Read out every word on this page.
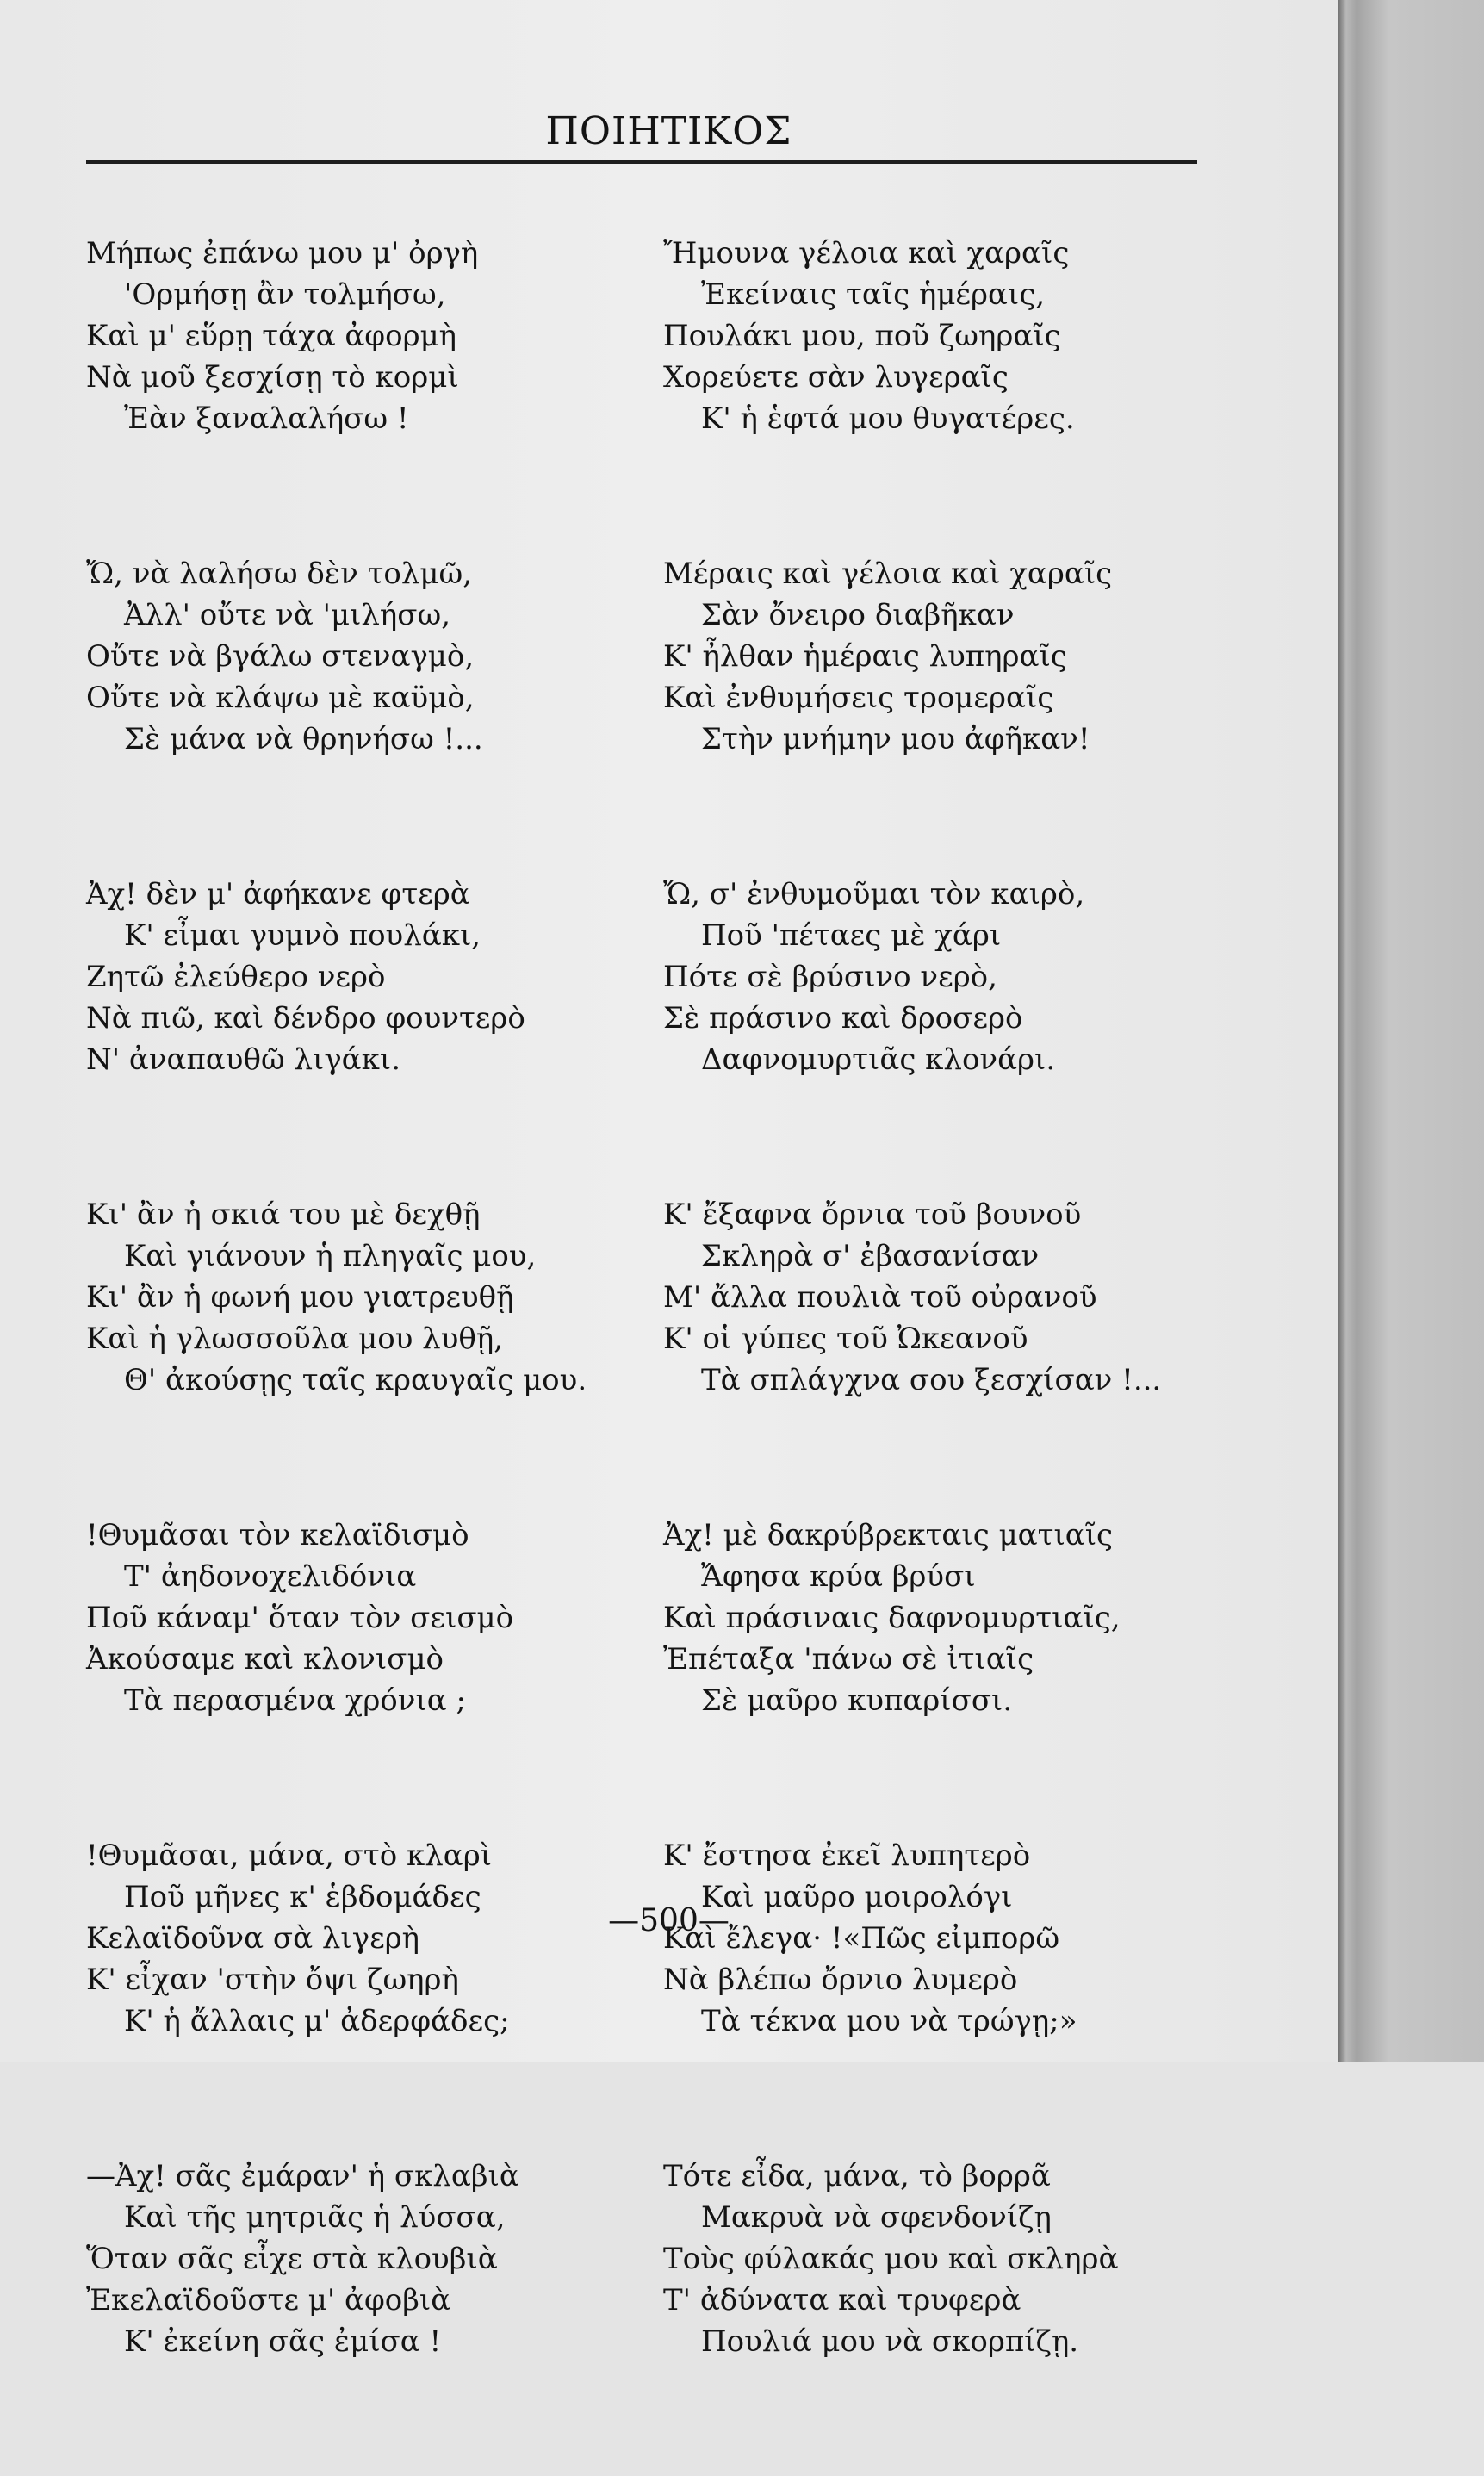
ΠΟΙΗΤΙΚΟΣ
Μήπως ἐπάνω μου μ' ὀργὴ
'Ορμήσῃ ἂν τολμήσω,
Καὶ μ' εὕρῃ τάχα ἀφορμὴ
Νὰ μοῦ ξεσχίσῃ τὸ κορμὶ
Ἐὰν ξαναλαλήσω !
Ὤ, νὰ λαλήσω δὲν τολμῶ,
Ἀλλ' οὔτε νὰ 'μιλήσω,
Οὔτε νὰ βγάλω στεναγμὸ,
Οὔτε νὰ κλάψω μὲ καϋμὸ,
Σὲ μάνα νὰ θρηνήσω !...
Ἀχ! δὲν μ' ἀφήκανε φτερὰ
Κ' εἶμαι γυμνὸ πουλάκι,
Ζητῶ ἐλεύθερο νερὸ
Νὰ πιῶ, καὶ δένδρο φουντερὸ
Ν' ἀναπαυθῶ λιγάκι.
Κι' ἂν ἡ σκιά του μὲ δεχθῇ
Καὶ γιάνουν ἡ πληγαῖς μου,
Κι' ἂν ἡ φωνή μου γιατρευθῇ
Καὶ ἡ γλωσσοῦλα μου λυθῇ,
Θ' ἀκούσῃς ταῖς κραυγαῖς μου.
!Θυμᾶσαι τὸν κελαϊδισμὸ
Τ' ἀηδονοχελιδόνια
Ποῦ κάναμ' ὅταν τὸν σεισμὸ
Ἀκούσαμε καὶ κλονισμὸ
Τὰ περασμένα χρόνια ;
!Θυμᾶσαι, μάνα, στὸ κλαρὶ
Ποῦ μῆνες κ' ἑβδομάδες
Κελαϊδοῦνα σὰ λιγερὴ
Κ' εἶχαν 'στὴν ὄψι ζωηρὴ
Κ' ἡ ἄλλαις μ' ἀδερφάδες;
—Ἀχ! σᾶς ἐμάραν' ἡ σκλαβιὰ
Καὶ τῆς μητριᾶς ἡ λύσσα,
Ὅταν σᾶς εἶχε στὰ κλουβιὰ
Ἐκελαϊδοῦστε μ' ἀφοβιὰ
Κ' ἐκείνη σᾶς ἐμίσα !
Ἤμουνα γέλοια καὶ χαραῖς
Ἐκείναις ταῖς ἡμέραις,
Πουλάκι μου, ποῦ ζωηραῖς
Χορεύετε σὰν λυγεραῖς
Κ' ἡ ἑφτά μου θυγατέρες.
Μέραις καὶ γέλοια καὶ χαραῖς
Σὰν ὄνειρο διαβῆκαν
Κ' ἦλθαν ἡμέραις λυπηραῖς
Καὶ ἐνθυμήσεις τρομεραῖς
Στὴν μνήμην μου ἀφῆκαν!
Ὤ, σ' ἐνθυμοῦμαι τὸν καιρὸ,
Ποῦ 'πέταες μὲ χάρι
Πότε σὲ βρύσινο νερὸ,
Σὲ πράσινο καὶ δροσερὸ
Δαφνομυρτιᾶς κλονάρι.
Κ' ἔξαφνα ὄρνια τοῦ βουνοῦ
Σκληρὰ σ' ἐβασανίσαν
Μ' ἄλλα πουλιὰ τοῦ οὐρανοῦ
Κ' οἱ γύπες τοῦ Ὠκεανοῦ
Τὰ σπλάγχνα σου ξεσχίσαν !...
Ἀχ! μὲ δακρύβρεκταις ματιαῖς
Ἄφησα κρύα βρύσι
Καὶ πράσιναις δαφνομυρτιαῖς,
Ἐπέταξα 'πάνω σὲ ἰτιαῖς
Σὲ μαῦρο κυπαρίσσι.
Κ' ἔστησα ἐκεῖ λυπητερὸ
Καὶ μαῦρο μοιρολόγι
Καὶ ἔλεγα· !«Πῶς εἰμπορῶ
Νὰ βλέπω ὄρνιο λυμερὸ
Τὰ τέκνα μου νὰ τρώγῃ;»
Τότε εἶδα, μάνα, τὸ βορρᾶ
Μακρυὰ νὰ σφενδονίζῃ
Τοὺς φύλακάς μου καὶ σκληρὰ
Τ' ἀδύνατα καὶ τρυφερὰ
Πουλιά μου νὰ σκορπίζῃ.
—500—
